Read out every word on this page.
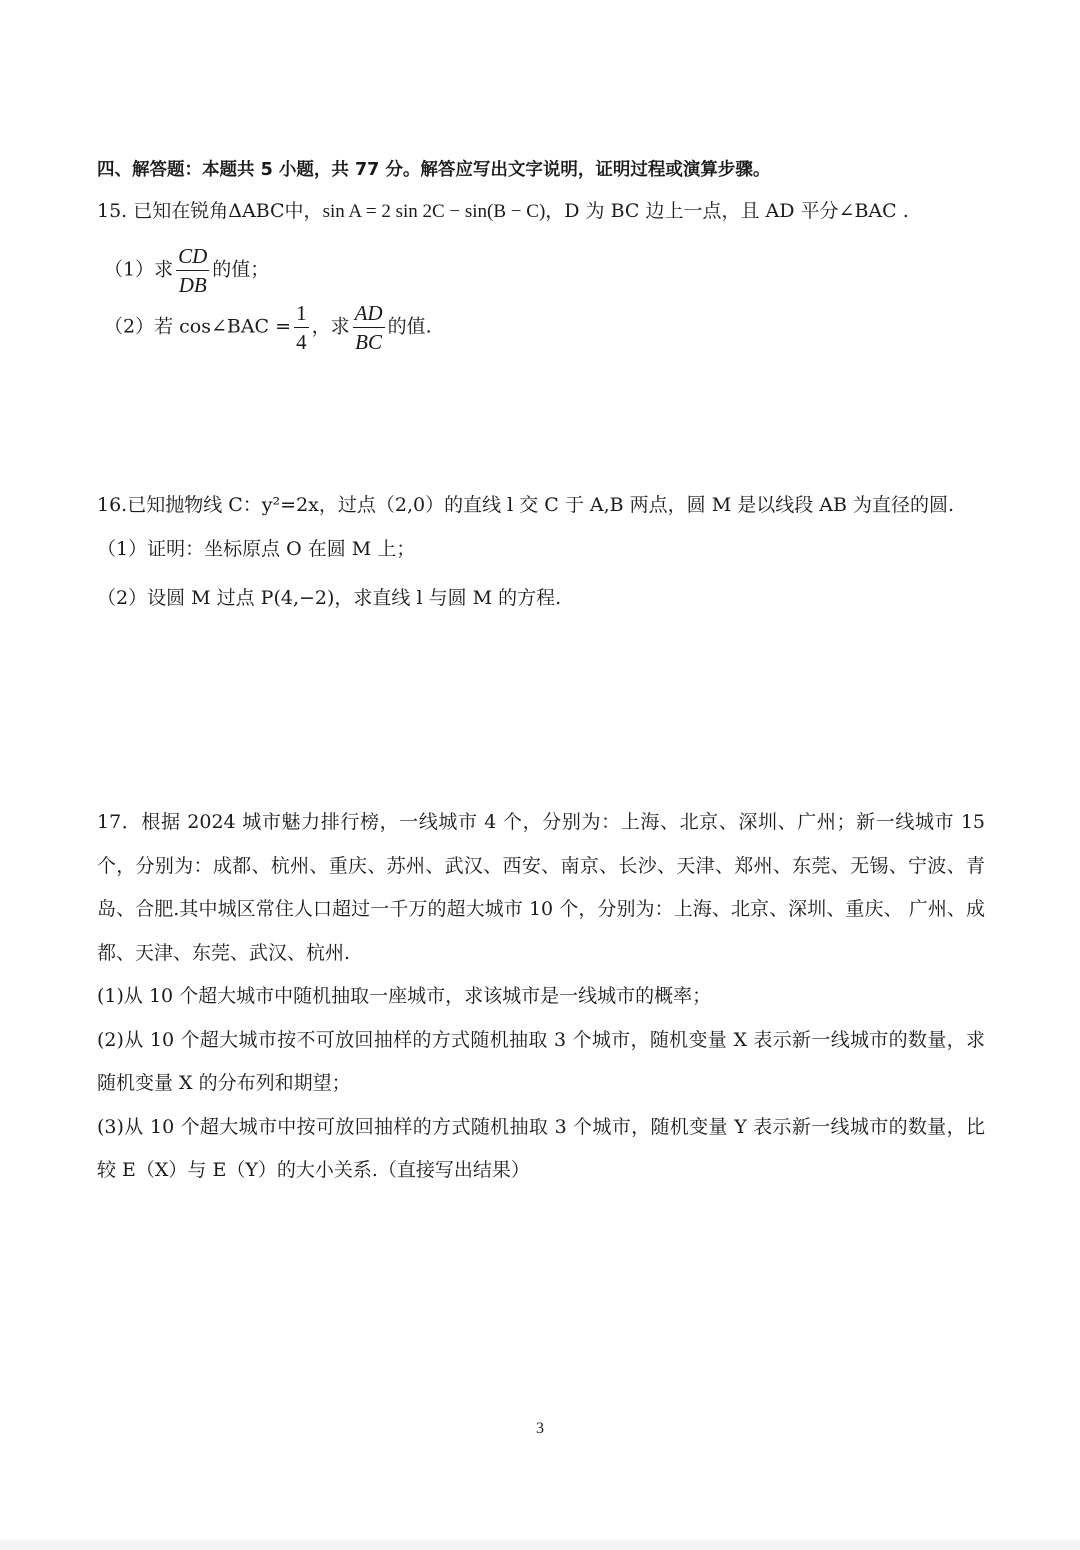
四、解答题：本题共 5 小题，共 77 分。解答应写出文字说明，证明过程或演算步骤。
15. 已知在锐角ΔABC中，sin A = 2 sin 2C − sin(B − C)，D 为 BC 边上一点，且 AD 平分∠BAC .
（1）求 $\frac{CD}{DB}$ 的值；
（2）若 cos∠BAC = $\frac{1}{4}$ ，求 $\frac{AD}{BC}$ 的值.
16.已知抛物线 C：y²=2x，过点（2,0）的直线 l 交 C 于 A,B 两点，圆 M 是以线段 AB 为直径的圆.
（1）证明：坐标原点 O 在圆 M 上；
（2）设圆 M 过点 P(4,−2)，求直线 l 与圆 M 的方程.

17．根据 2024 城市魅力排行榜，一线城市 4 个，分别为：上海、北京、深圳、广州；新一线城市 15 个，分别为：成都、杭州、重庆、苏州、武汉、西安、南京、长沙、天津、郑州、东莞、无锡、宁波、青岛、合肥.其中城区常住人口超过一千万的超大城市 10 个，分别为：上海、北京、深圳、重庆、 广州、成都、天津、东莞、武汉、杭州.

(1)从 10 个超大城市中随机抽取一座城市，求该城市是一线城市的概率；

(2)从 10 个超大城市按不可放回抽样的方式随机抽取 3 个城市，随机变量 X 表示新一线城市的数量，求随机变量 X 的分布列和期望；

(3)从 10 个超大城市中按可放回抽样的方式随机抽取 3 个城市，随机变量 Y 表示新一线城市的数量，比较 E（X）与 E（Y）的大小关系.（直接写出结果）

3
